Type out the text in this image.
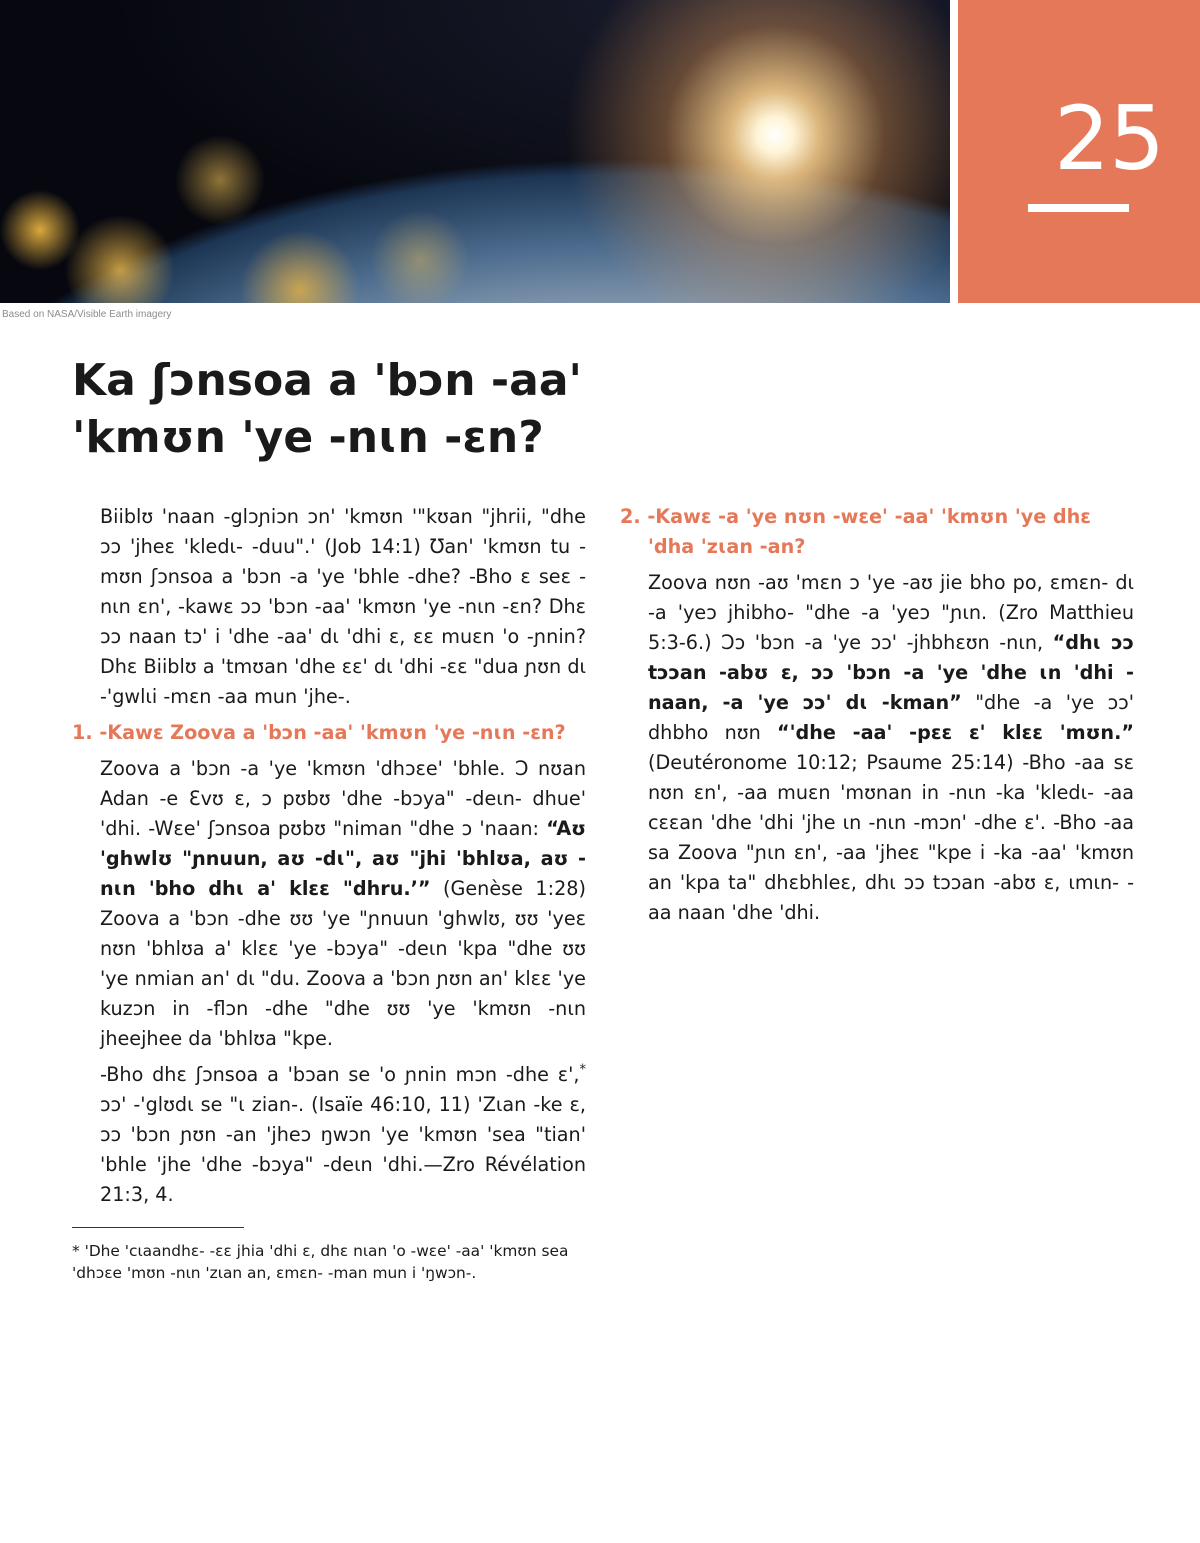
Based on NASA/Visible Earth imagery
25
Ka ʃɔnsoa a 'bɔn -aa'
'kmʊn 'ye -nɩn -ɛn?

Biiblʊ 'naan -glɔɲiɔn ɔn' 'kmʊn '"kʊan "jhrii, "dhe ɔɔ 'jheɛ 'kledɩ- -duu".' (Job 14:1) Ʊan' 'kmʊn tu -mʊn ʃɔnsoa a 'bɔn -a 'ye 'bhle -dhe? -Bho ɛ seɛ -nɩn ɛn', -kawɛ ɔɔ 'bɔn -aa' 'kmʊn 'ye -nɩn -ɛn? Dhɛ ɔɔ naan tɔ' i 'dhe -aa' dɩ 'dhi ɛ, ɛɛ muɛn 'o -ɲnin? Dhɛ Biiblʊ a 'tmʊan 'dhe ɛɛ' dɩ 'dhi -ɛɛ "dua ɲʊn dɩ -'gwlɩi -mɛn -aa mun 'jhe-.

1. -Kawɛ Zoova a 'bɔn -aa' 'kmʊn 'ye -nɩn -ɛn?

Zoova a 'bɔn -a 'ye 'kmʊn 'dhɔɛe' 'bhle. Ɔ nʊan Adan -e Ɛvʊ ɛ, ɔ pʊbʊ 'dhe -bɔya" -deɩn- dhue' 'dhi. -Wɛe' ʃɔnsoa pʊbʊ "niman "dhe ɔ 'naan: “Aʊ 'ghwlʊ "ɲnuun, aʊ -dɩ", aʊ "jhi 'bhlʊa, aʊ -nɩn 'bho dhɩ a' klɛɛ "dhru.’” (Genèse 1:28) Zoova a 'bɔn -dhe ʊʊ 'ye "ɲnuun 'ghwlʊ, ʊʊ 'yeɛ nʊn 'bhlʊa a' klɛɛ 'ye -bɔya" -deɩn 'kpa "dhe ʊʊ 'ye nmian an' dɩ "du. Zoova a 'bɔn ɲʊn an' klɛɛ 'ye kuzɔn in -flɔn -dhe "dhe ʊʊ 'ye 'kmʊn -nɩn jheejhee da 'bhlʊa "kpe.

-Bho dhɛ ʃɔnsoa a 'bɔan se 'o ɲnin mɔn -dhe ɛ',* ɔɔ' -'glʊdɩ se "ɩ zian-. (Isaïe 46:10, 11) 'Zɩan -ke ɛ, ɔɔ 'bɔn ɲʊn -an 'jheɔ ŋwɔn 'ye 'kmʊn 'sea "tian' 'bhle 'jhe 'dhe -bɔya" -deɩn 'dhi.—Zro Révélation 21:3, 4.

2. -Kawɛ -a 'ye nʊn -wɛe' -aa' 'kmʊn 'ye dhɛ 'dha 'zɩan -an?

Zoova nʊn -aʊ 'mɛn ɔ 'ye -aʊ jie bho po, ɛmɛn- dɩ -a 'yeɔ jhibho- "dhe -a 'yeɔ "ɲɩn. (Zro Matthieu 5:3-6.) Ɔɔ 'bɔn -a 'ye ɔɔ' -jhbhɛʊn -nɩn, “dhɩ ɔɔ tɔɔan -abʊ ɛ, ɔɔ 'bɔn -a 'ye 'dhe ɩn 'dhi -naan, -a 'ye ɔɔ' dɩ -kman” "dhe -a 'ye ɔɔ' dhbho nʊn “'dhe -aa' -pɛɛ ɛ' klɛɛ 'mʊn.” (Deutéronome 10:12; Psaume 25:14) -Bho -aa sɛ nʊn ɛn', -aa muɛn 'mʊnan in -nɩn -ka 'kledɩ- -aa cɛɛan 'dhe 'dhi 'jhe ɩn -nɩn -mɔn' -dhe ɛ'. -Bho -aa sa Zoova "ɲɩn ɛn', -aa 'jheɛ "kpe i -ka -aa' 'kmʊn an 'kpa ta" dhɛbhleɛ, dhɩ ɔɔ tɔɔan -abʊ ɛ, ɩmɩn- -aa naan 'dhe 'dhi.

* 'Dhe 'cɩaandhɛ- -ɛɛ jhia 'dhi ɛ, dhɛ nɩan 'o -wɛe' -aa' 'kmʊn sea 'dhɔɛe 'mʊn -nɩn 'zɩan an, ɛmɛn- -man mun i 'ŋwɔn-.
